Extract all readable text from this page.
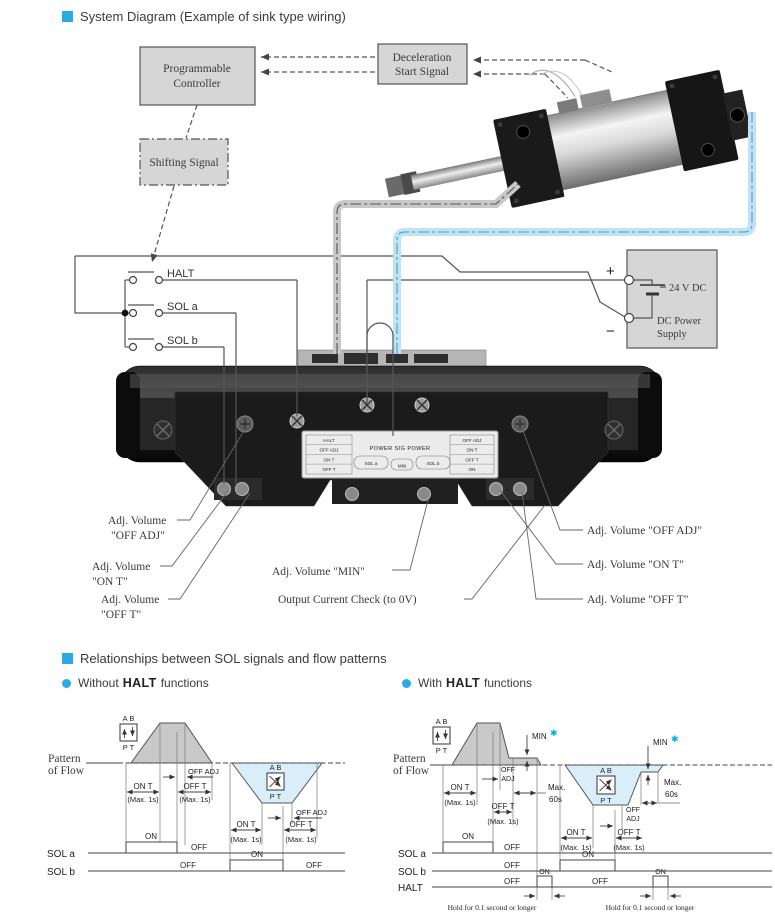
System Diagram (Example of sink type wiring)
Relationships between SOL signals and flow patterns
Without HALT functions	With HALT functions
Programmable
Controller
Deceleration
Start Signal
Shifting Signal
+
−
24 V DC
DC Power
Supply
HALT
OFF ADJ
ON T
OFF T
OFF ADJ
ON T
OFF T
ON
POWER SIG POWER
SOL a	MIN	SOL b
Adj. Volume
"OFF ADJ"
Adj. Volume
"ON T"
Adj. Volume
"OFF T"
Adj. Volume "MIN"
Output Current Check (to 0V)
Adj. Volume "OFF ADJ"
Adj. Volume "ON T"
Adj. Volume "OFF T"
HALT
SOL a
SOL b
Pattern
of Flow
A B
P T
A B
P T
ON T
(Max. 1s)
OFF T
(Max. 1s)
OFF ADJ
ON T
(Max. 1s)
OFF T
(Max. 1s)
OFF ADJ
SOL a
ON
OFF
SOL b
ON
OFF	OFF
Pattern
of Flow
A B
P T
A B
P T
ON T
(Max. 1s)
OFF
ADJ
OFF T
(Max. 1s)
MIN ✱
Max.
60s
ON T
(Max. 1s)
OFF T
(Max. 1s)
OFF
ADJ
MIN ✱
Max.
60s
SOL a
ON
OFF
SOL b
ON
OFF
HALT
ON	ON
OFF	OFF
Hold for 0.1 second or longer	Hold for 0.1 second or longer
